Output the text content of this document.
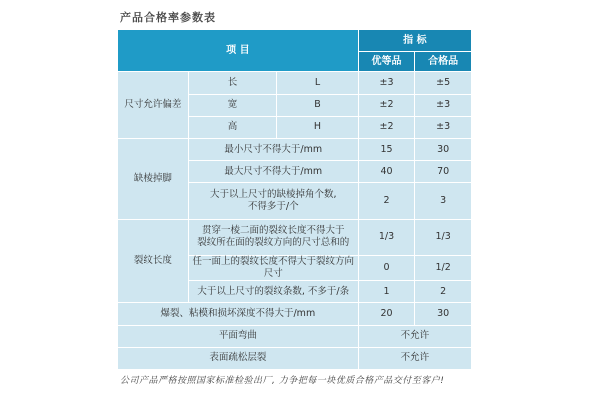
产品合格率参数表
项 目			指 标	
			优等品	合格品
尺寸允许偏差	长	L	±3	±5
	宽	B	±2	±3
	高	H	±2	±3
缺棱掉脚	最小尺寸不得大于/mm		15	30
	最大尺寸不得大于/mm		40	70

	大于以上尺寸的缺棱掉角个数,
不得多于/个		2	3
裂纹长度	贯穿一棱二面的裂纹长度不得大于
裂纹所在面的裂纹方向的尺寸总和的		1/3	1/3
	任一面上的裂纹长度不得大于裂纹方向尺寸		0	1/2
	大于以上尺寸的裂纹条数, 不多于/条		1	2
爆裂、粘模和损坏深度不得大于/mm			20	30
平面弯曲			不允许	
表面疏松层裂			不允许	
公司产品严格按照国家标准检验出厂, 力争把每一块优质合格产品交付至客户!
